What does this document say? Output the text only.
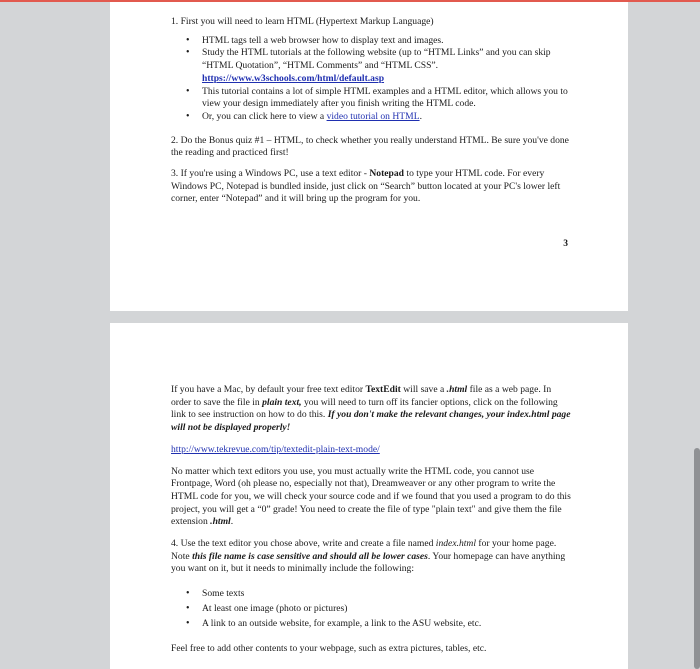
1. First you will need to learn HTML (Hypertext Markup Language)

• HTML tags tell a web browser how to display text and images.
• Study the HTML tutorials at the following website (up to “HTML Links” and you can skip “HTML Quotation”, “HTML Comments” and “HTML CSS”.
https://www.w3schools.com/html/default.asp
• This tutorial contains a lot of simple HTML examples and a HTML editor, which allows you to view your design immediately after you finish writing the HTML code.
• Or, you can click here to view a video tutorial on HTML.

2. Do the Bonus quiz #1 – HTML, to check whether you really understand HTML. Be sure you've done the reading and practiced first!

3. If you're using a Windows PC, use a text editor - Notepad to type your HTML code. For every Windows PC, Notepad is bundled inside, just click on “Search” button located at your PC's lower left corner, enter “Notepad” and it will bring up the program for you.

3

If you have a Mac, by default your free text editor TextEdit will save a .html file as a web page. In order to save the file in plain text, you will need to turn off its fancier options, click on the following link to see instruction on how to do this. If you don't make the relevant changes, your index.html page will not be displayed properly!

http://www.tekrevue.com/tip/textedit-plain-text-mode/

No matter which text editors you use, you must actually write the HTML code, you cannot use Frontpage, Word (oh please no, especially not that), Dreamweaver or any other program to write the HTML code for you, we will check your source code and if we found that you used a program to do this project, you will get a “0” grade! You need to create the file of type "plain text" and give them the file extension .html.

4. Use the text editor you chose above, write and create a file named index.html for your home page. Note this file name is case sensitive and should all be lower cases. Your homepage can have anything you want on it, but it needs to minimally include the following:

• Some texts
• At least one image (photo or pictures)
• A link to an outside website, for example, a link to the ASU website, etc.

Feel free to add other contents to your webpage, such as extra pictures, tables, etc.
